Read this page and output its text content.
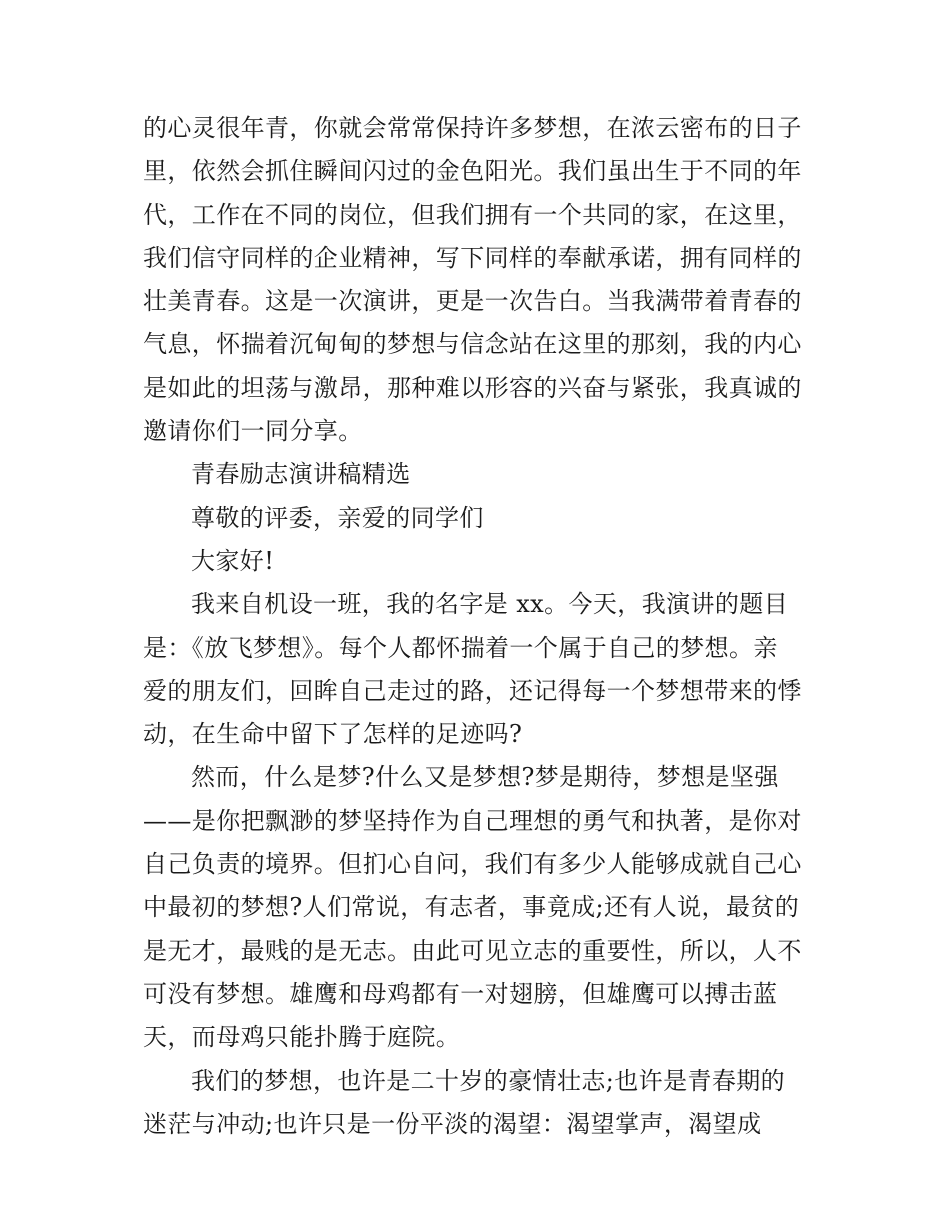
的心灵很年青，你就会常常保持许多梦想，在浓云密布的日子
里，依然会抓住瞬间闪过的金色阳光。我们虽出生于不同的年
代，工作在不同的岗位，但我们拥有一个共同的家，在这里，
我们信守同样的企业精神，写下同样的奉献承诺，拥有同样的
壮美青春。这是一次演讲，更是一次告白。当我满带着青春的
气息，怀揣着沉甸甸的梦想与信念站在这里的那刻，我的内心
是如此的坦荡与激昂，那种难以形容的兴奋与紧张，我真诚的
邀请你们一同分享。
青春励志演讲稿精选
尊敬的评委，亲爱的同学们
大家好!
我来自机设一班，我的名字是 xx。今天，我演讲的题目
是：《放飞梦想》。每个人都怀揣着一个属于自己的梦想。亲
爱的朋友们，回眸自己走过的路，还记得每一个梦想带来的悸
动，在生命中留下了怎样的足迹吗?
然而，什么是梦?什么又是梦想?梦是期待，梦想是坚强
——是你把飘渺的梦坚持作为自己理想的勇气和执著，是你对
自己负责的境界。但扪心自问，我们有多少人能够成就自己心
中最初的梦想?人们常说，有志者，事竟成;还有人说，最贫的
是无才，最贱的是无志。由此可见立志的重要性，所以，人不
可没有梦想。雄鹰和母鸡都有一对翅膀，但雄鹰可以搏击蓝
天，而母鸡只能扑腾于庭院。
我们的梦想，也许是二十岁的豪情壮志;也许是青春期的
迷茫与冲动;也许只是一份平淡的渴望：渴望掌声，渴望成
